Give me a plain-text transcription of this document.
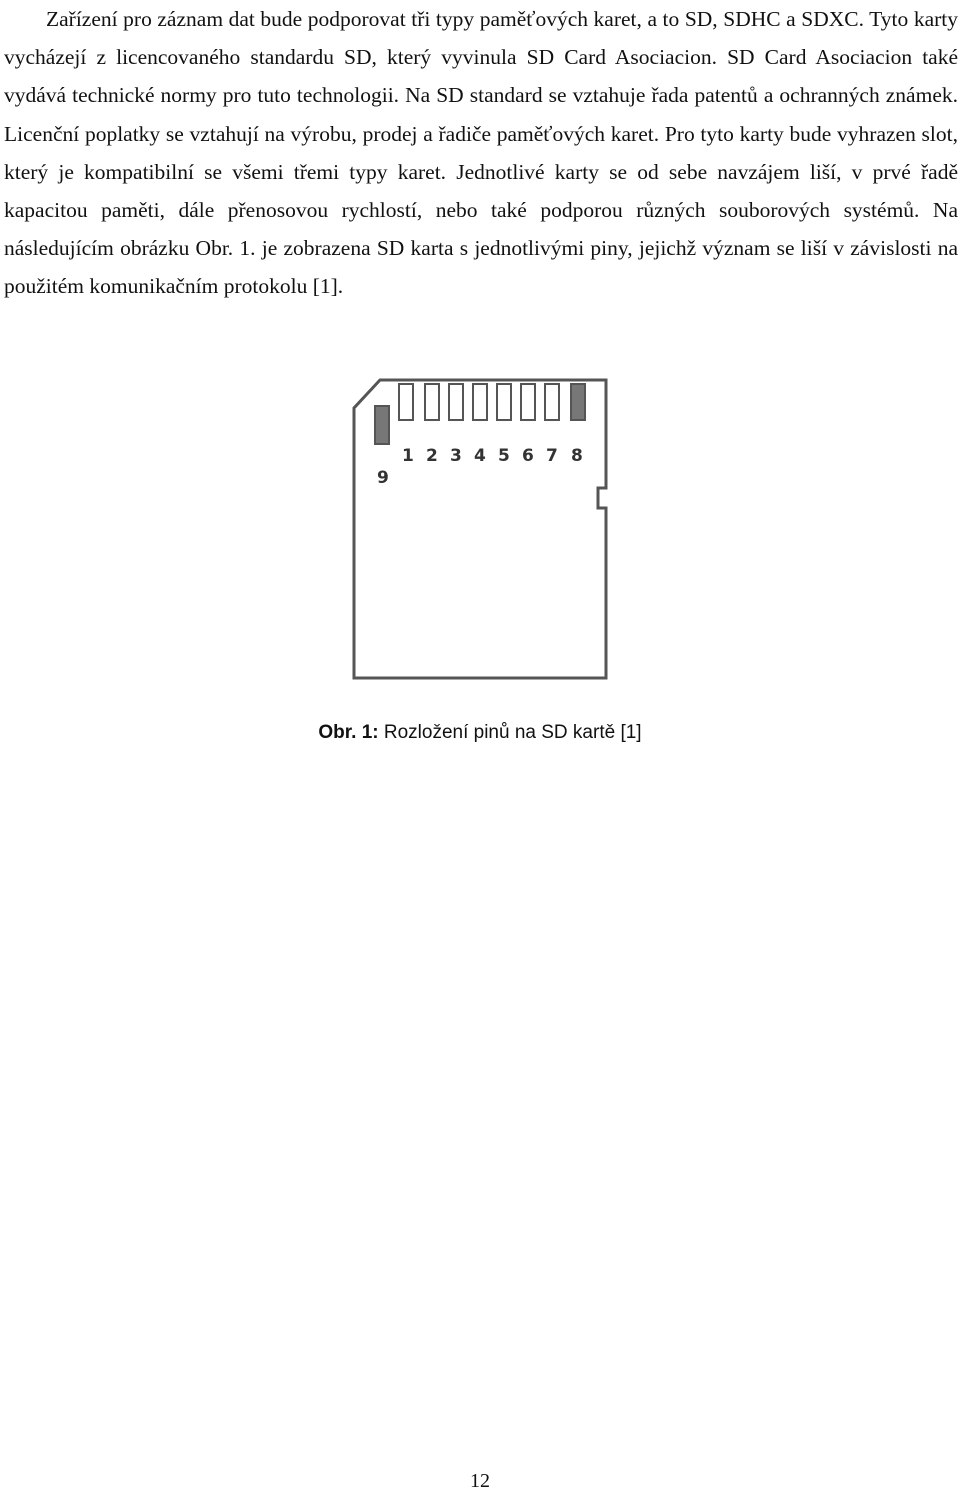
Zařízení pro záznam dat bude podporovat tři typy paměťových karet, a to SD, SDHC a SDXC. Tyto karty vycházejí z licencovaného standardu SD, který vyvinula SD Card Asociacion. SD Card Asociacion také vydává technické normy pro tuto technologii. Na SD standard se vztahuje řada patentů a ochranných známek. Licenční poplatky se vztahují na výrobu, prodej a řadiče paměťových karet. Pro tyto karty bude vyhrazen slot, který je kompatibilní se všemi třemi typy karet. Jednotlivé karty se od sebe navzájem liší, v prvé řadě kapacitou paměti, dále přenosovou rychlostí, nebo také podporou různých souborových systémů. Na následujícím obrázku Obr. 1. je zobrazena SD karta s jednotlivými piny, jejichž význam se liší v závislosti na použitém komunikačním protokolu [1].

1 2 3 4 5 6 7 8
9
Obr. 1: Rozložení pinů na SD kartě [1]
12
